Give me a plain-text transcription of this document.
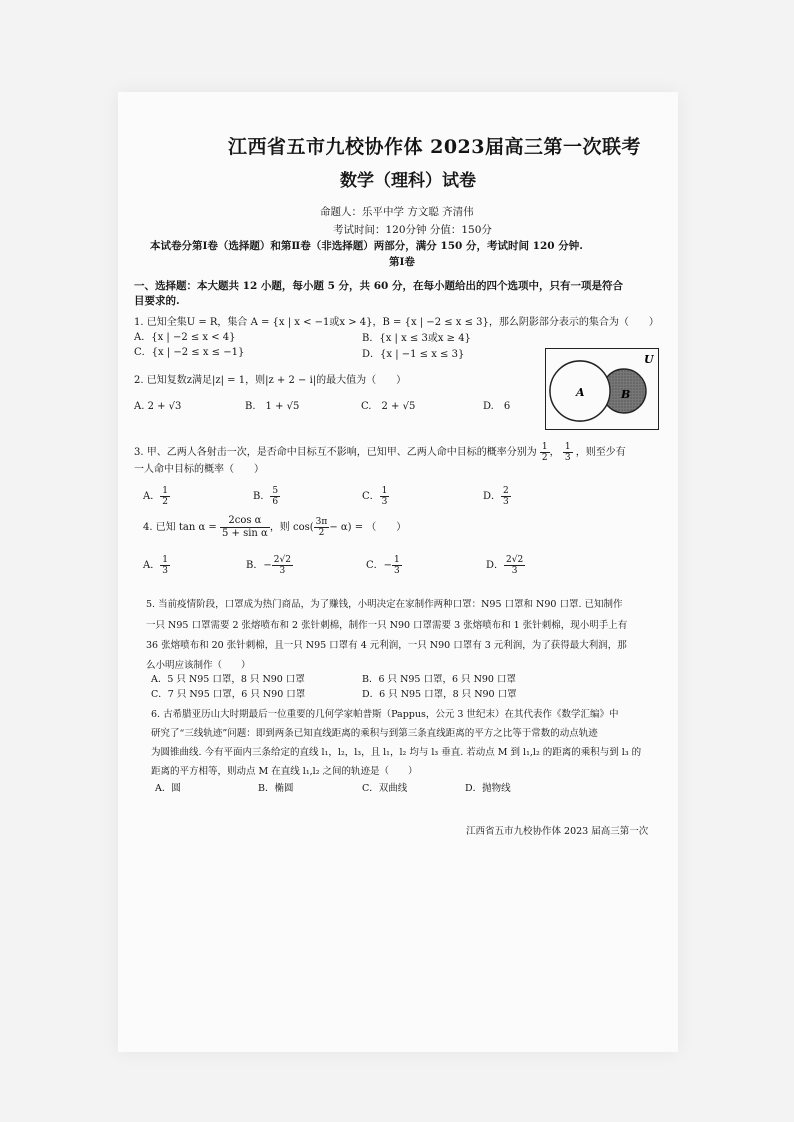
江西省五市九校协作体 2023届高三第一次联考
数学（理科）试卷
命题人：乐平中学 方文聪 齐清伟
考试时间：120分钟 分值：150分
本试卷分第Ⅰ卷（选择题）和第Ⅱ卷（非选择题）两部分，满分 150 分，考试时间 120 分钟.
第Ⅰ卷
一、选择题：本大题共 12 小题，每小题 5 分，共 60 分，在每小题给出的四个选项中，只有一项是符合
目要求的.
1. 已知全集U = R，集合 A = {x | x < −1或x > 4}，B = {x | −2 ≤ x ≤ 3}，那么阴影部分表示的集合为（　　）
A．{x | −2 ≤ x < 4}	B．{x | x ≤ 3或x ≥ 4}
C．{x | −2 ≤ x ≤ −1}	D．{x | −1 ≤ x ≤ 3}
A	B
U
2. 已知复数z满足|z| = 1，则|z + 2 − i|的最大值为（　　）
A. 2 + √3	B.　1 + √5	C.　2 + √5	D.　6
3. 甲、乙两人各射击一次，是否命中目标互不影响，已知甲、乙两人命中目标的概率分别为 $\frac{1}{2}$ ， $\frac{1}{3}$ ，则至少有
一人命中目标的概率（　　）
A． $\frac{1}{2}$	B． $\frac{5}{6}$	C． $\frac{1}{3}$	D． $\frac{2}{3}$
4. 已知 $\tan \alpha = \frac{\text{2cos α}}{\text{5 + sin α}}$ ，则 $\cos( \frac{3\pi}{2} - \alpha)$ = （　　）
A． $\frac{1}{3}$	B．− $\frac{2√2}{3}$	C．− $\frac{1}{3}$	D． $\frac{2√2}{3}$
5. 当前疫情阶段，口罩成为热门商品，为了赚钱，小明决定在家制作两种口罩：N95 口罩和 N90 口罩. 已知制作
一只 N95 口罩需要 2 张熔喷布和 2 张针刺棉，制作一只 N90 口罩需要 3 张熔喷布和 1 张针刺棉，现小明手上有
36 张熔喷布和 20 张针刺棉，且一只 N95 口罩有 4 元利润，一只 N90 口罩有 3 元利润，为了获得最大利润，那
么小明应该制作（　　）
A．5 只 N95 口罩，8 只 N90 口罩	B．6 只 N95 口罩，6 只 N90 口罩
C．7 只 N95 口罩，6 只 N90 口罩	D．6 只 N95 口罩，8 只 N90 口罩
6. 古希腊亚历山大时期最后一位重要的几何学家帕普斯（Pappus，公元 3 世纪末）在其代表作《数学汇编》中
研究了“三线轨迹”问题：即到两条已知直线距离的乘积与到第三条直线距离的平方之比等于常数的动点轨迹
为圆锥曲线. 今有平面内三条给定的直线 l₁，l₂，l₃，且 l₁，l₂ 均与 l₃ 垂直. 若动点 M 到 l₁,l₂ 的距离的乘积与到 l₃ 的
距离的平方相等，则动点 M 在直线 l₁,l₂ 之间的轨迹是（　　）
A．圆	B．椭圆	C．双曲线	D．抛物线
江西省五市九校协作体 2023 届高三第一次
